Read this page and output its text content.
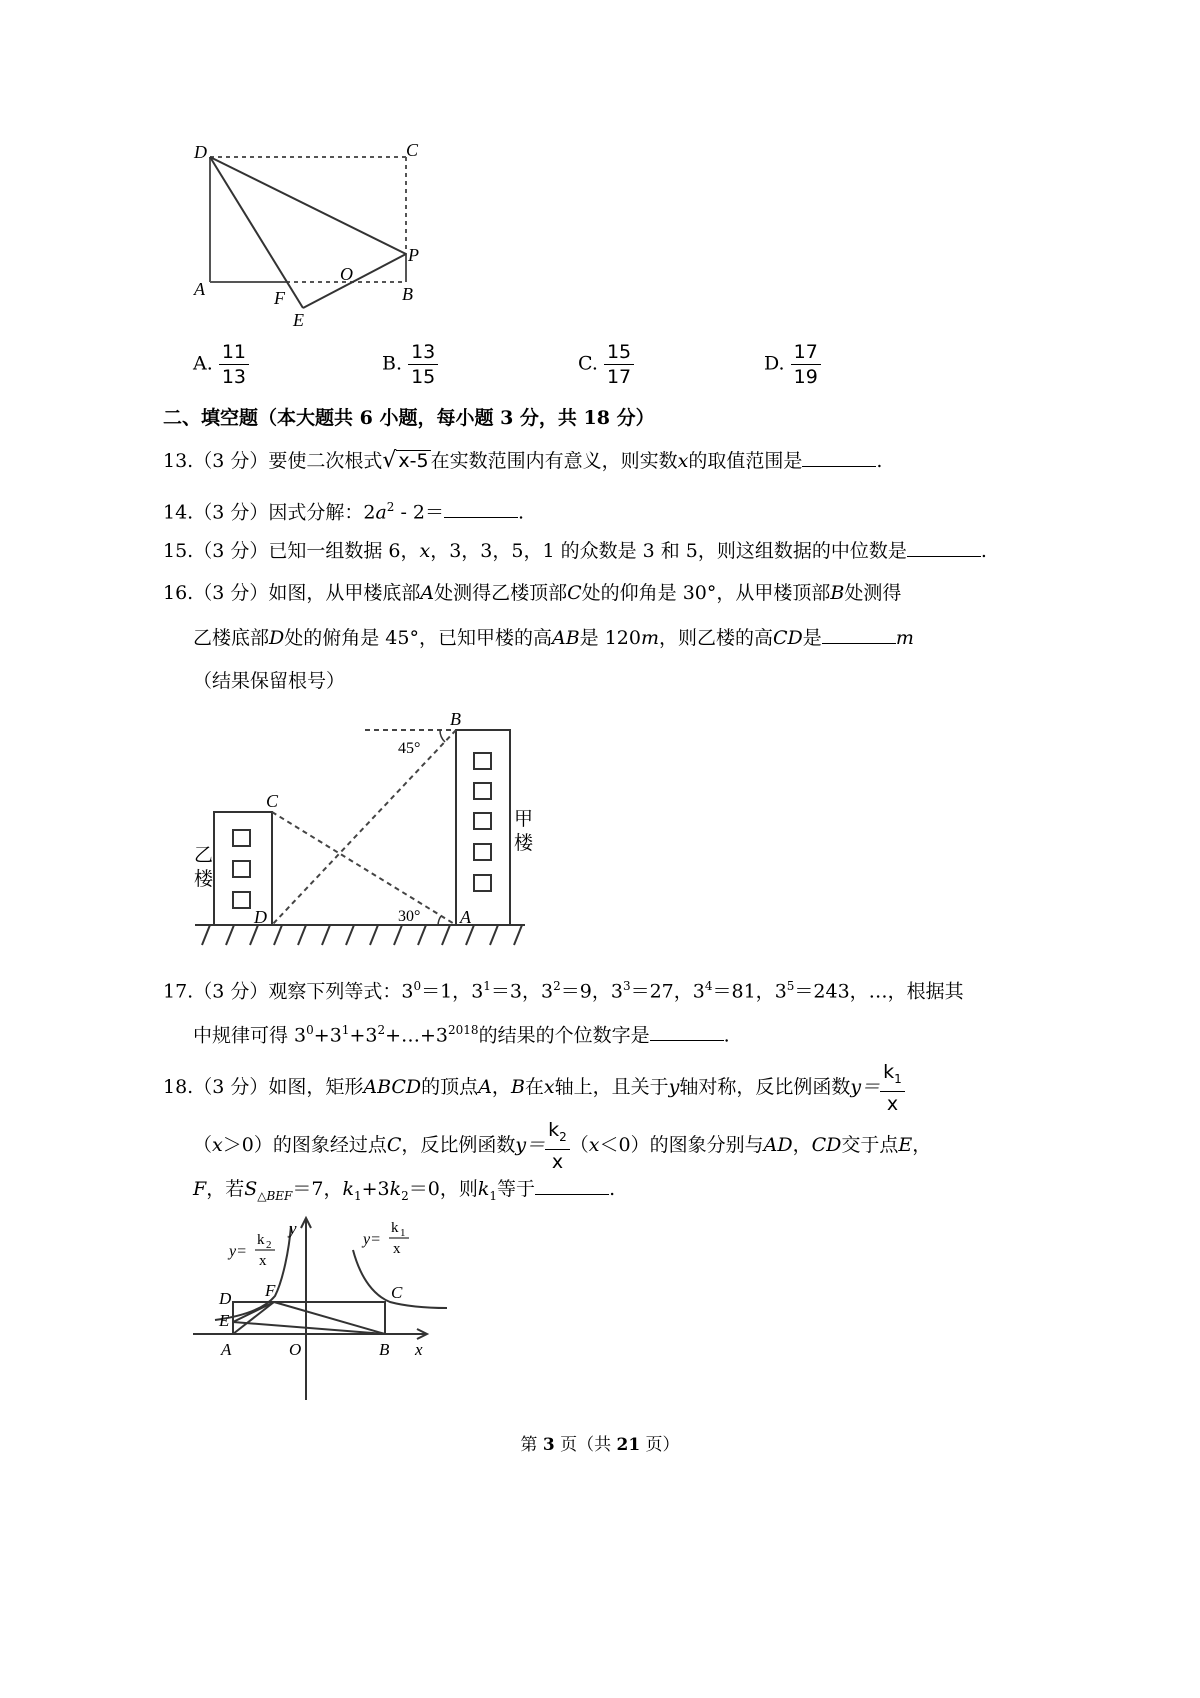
D	C
P
A	F
O
B
E
A. $\frac{11}{13}$	B. $\frac{13}{15}$	C. $\frac{15}{17}$	D. $\frac{17}{19}$
二、填空题（本大题共 6 小题，每小题 3 分，共 18 分）
13.（3 分）要使二次根式√ x-5 在实数范围内有意义，则实数x的取值范围是	.
14.（3 分）因式分解：$2a^2 - 2=$	.
15.（3 分）已知一组数据 6，x，3，3，5，1 的众数是 3 和 5，则这组数据的中位数是	.
16.（3 分）如图，从甲楼底部A处测得乙楼顶部C处的仰角是 30°，从甲楼顶部B处测得
乙楼底部D处的俯角是 45°，已知甲楼的高AB是 120m，则乙楼的高CD是	m
（结果保留根号）
45°
30°
B
C
D	A
乙
楼
甲
楼
17.（3 分）观察下列等式：$3^0=1$，$3^1=3$，$3^2=9$，$3^3=27$，$3^4=81$，$3^5=243$，…，根据其
中规律可得 $3^0+3^1+3^2+\dots+3^{2018}$的结果的个位数字是	.
18.（3 分）如图，矩形ABCD的顶点A，B在x轴上，且关于y轴对称，反比例函数$y= \frac{k_1}{x}$
（x＞0）的图象经过点C，反比例函数$y= \frac{k_2}{x} (x<0)$的图象分别与AD，CD交于点E，
F，若$S_{\triangle BEF}=7$，$k_1+3k_2=0$，则$k_1$等于	.
D
E
F	C
A	O	B x
y
y=
k 2
x
y=
k 1
x
第 3 页（共 21 页）
